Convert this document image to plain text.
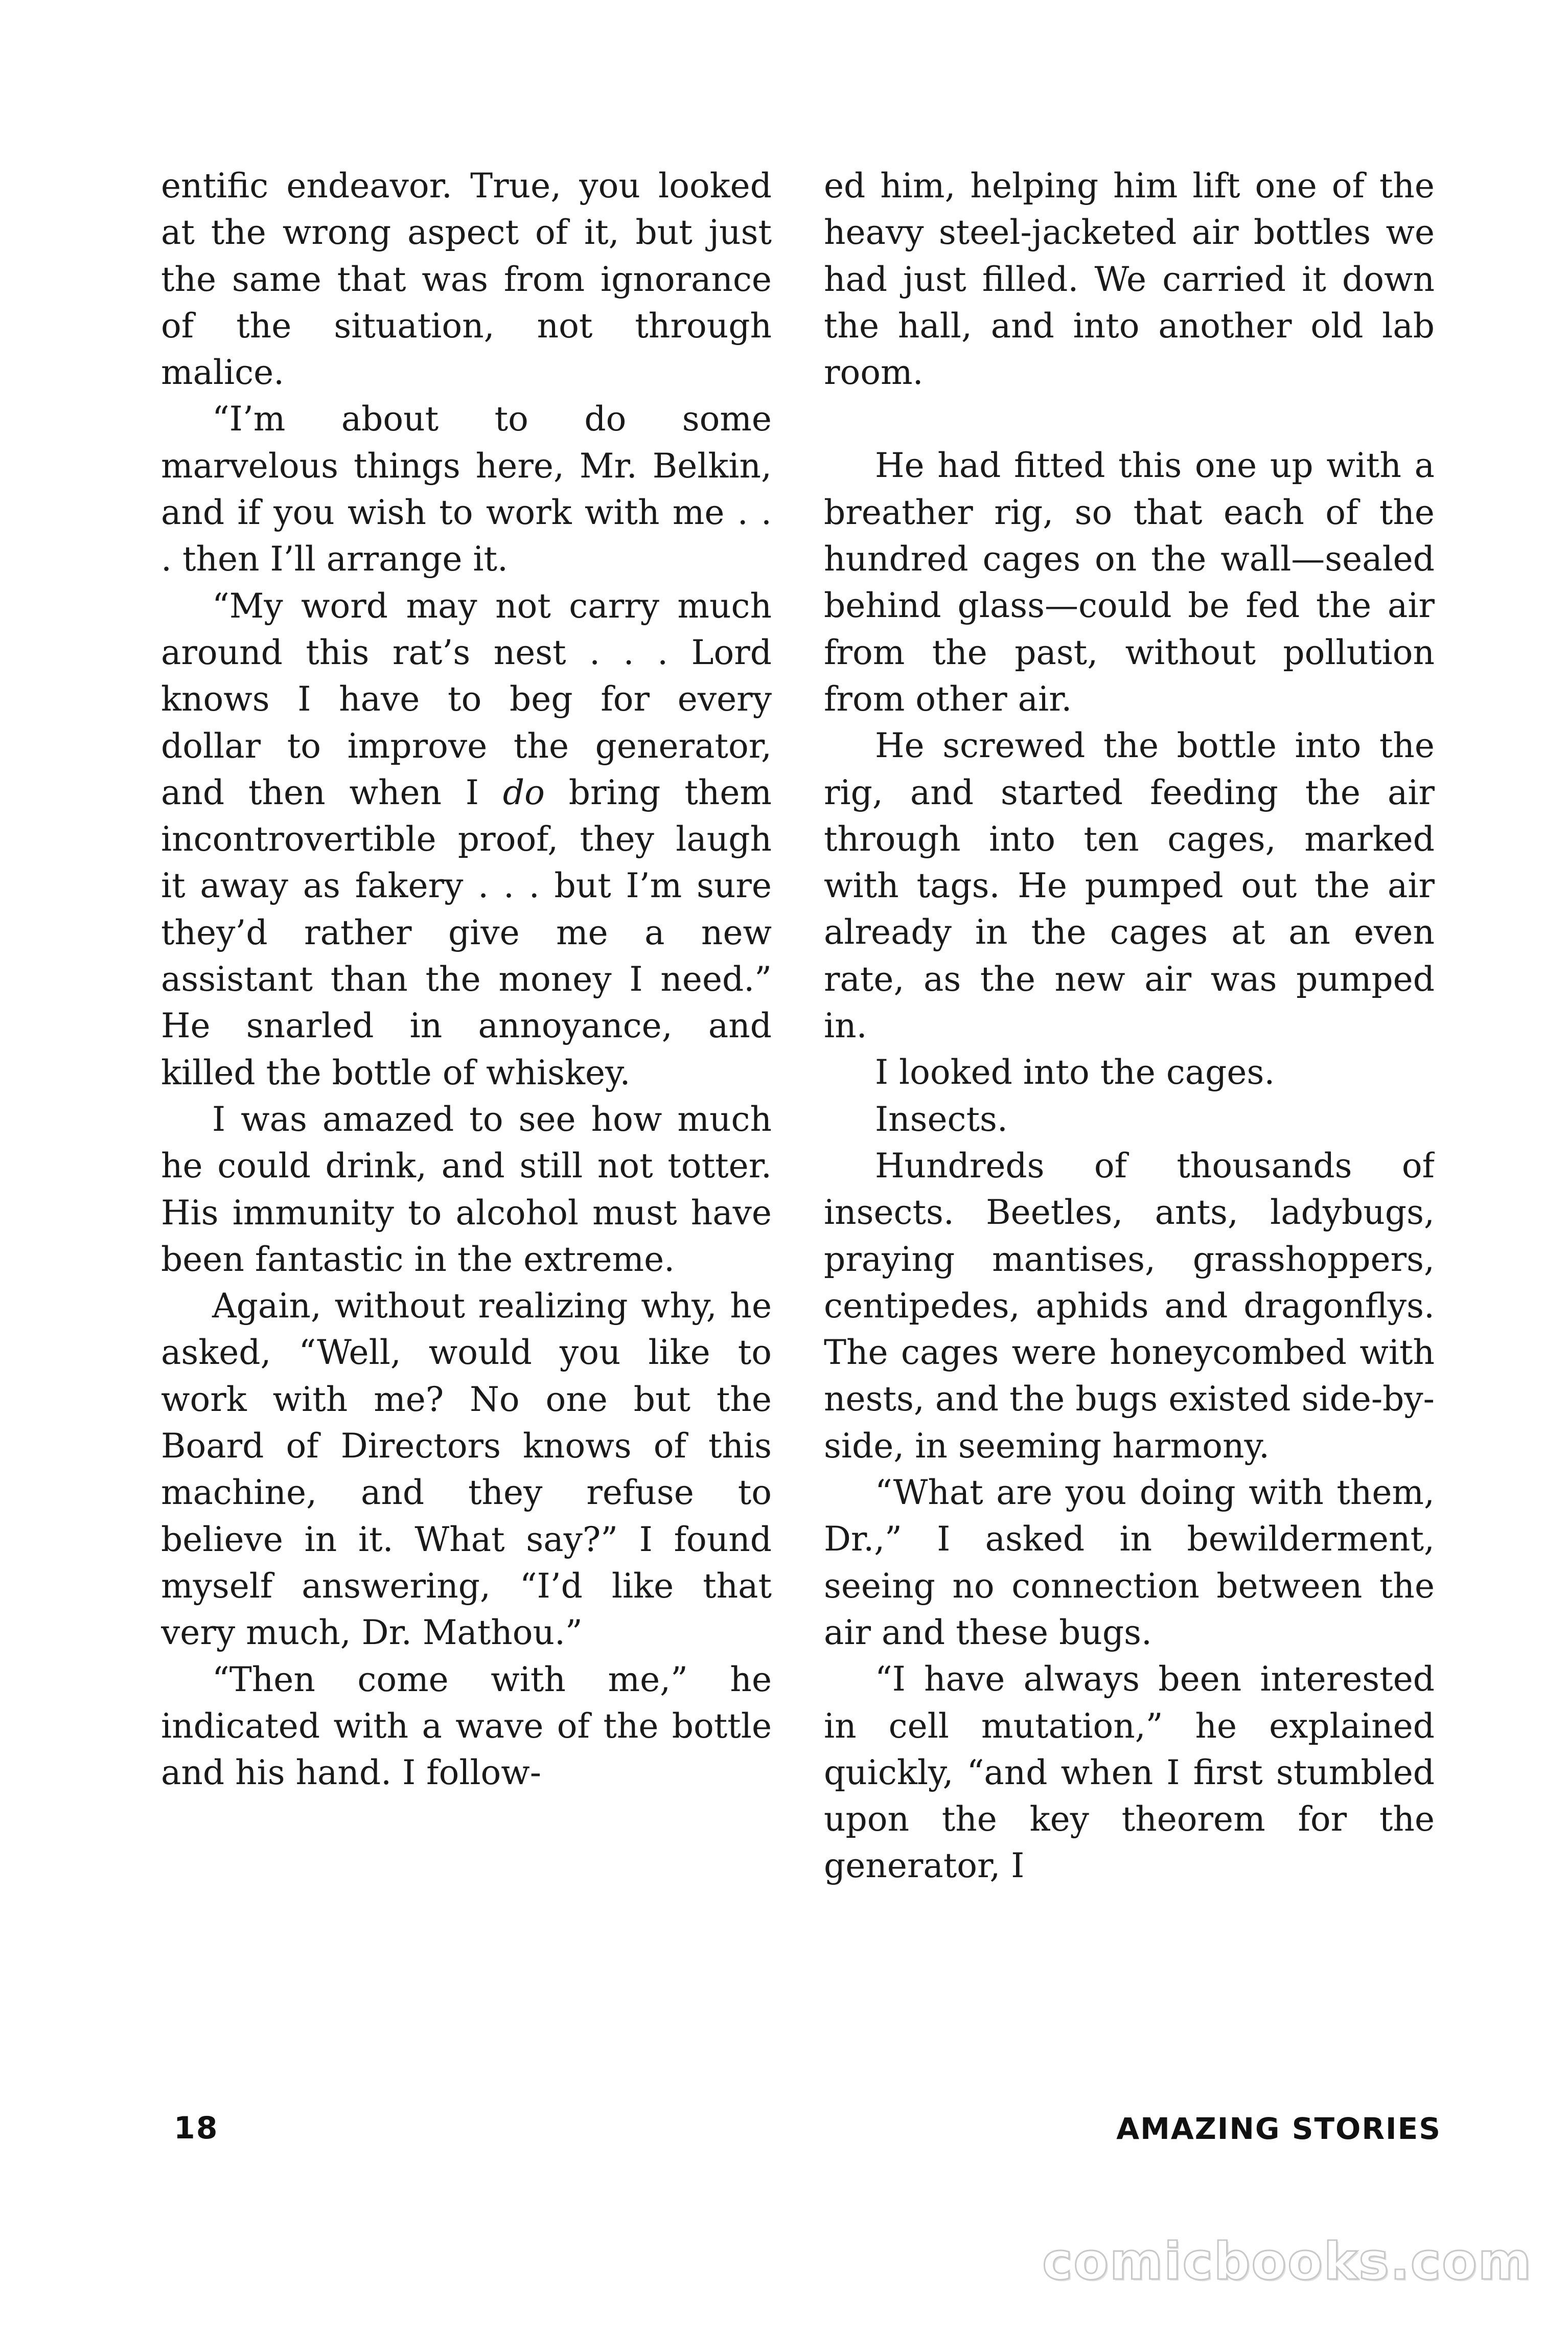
entific endeavor. True, you looked at the wrong aspect of it, but just the same that was from ignorance of the situation, not through malice.

“I’m about to do some marvelous things here, Mr. Belkin, and if you wish to work with me . . . then I’ll arrange it.

“My word may not carry much around this rat’s nest . . . Lord knows I have to beg for every dollar to improve the generator, and then when I do bring them incontrovertible proof, they laugh it away as fakery . . . but I’m sure they’d rather give me a new assistant than the money I need.” He snarled in annoyance, and killed the bottle of whiskey.

I was amazed to see how much he could drink, and still not totter. His immunity to alcohol must have been fantastic in the extreme.

Again, without realizing why, he asked, “Well, would you like to work with me? No one but the Board of Directors knows of this machine, and they refuse to believe in it. What say?” I found myself answering, “I’d like that very much, Dr. Mathou.”

“Then come with me,” he indicated with a wave of the bottle and his hand. I follow-

ed him, helping him lift one of the heavy steel-jacketed air bottles we had just filled. We carried it down the hall, and into another old lab room.

He had fitted this one up with a breather rig, so that each of the hundred cages on the wall—sealed behind glass—could be fed the air from the past, without pollution from other air.

He screwed the bottle into the rig, and started feeding the air through into ten cages, marked with tags. He pumped out the air already in the cages at an even rate, as the new air was pumped in.

I looked into the cages.

Insects.

Hundreds of thousands of insects. Beetles, ants, ladybugs, praying mantises, grasshoppers, centipedes, aphids and dragonflys. The cages were honeycombed with nests, and the bugs existed side-by-side, in seeming harmony.

“What are you doing with them, Dr.,” I asked in bewilderment, seeing no connection between the air and these bugs.

“I have always been interested in cell mutation,” he explained quickly, “and when I first stumbled upon the key theorem for the generator, I

18	AMAZING STORIES
comicbooks.com
